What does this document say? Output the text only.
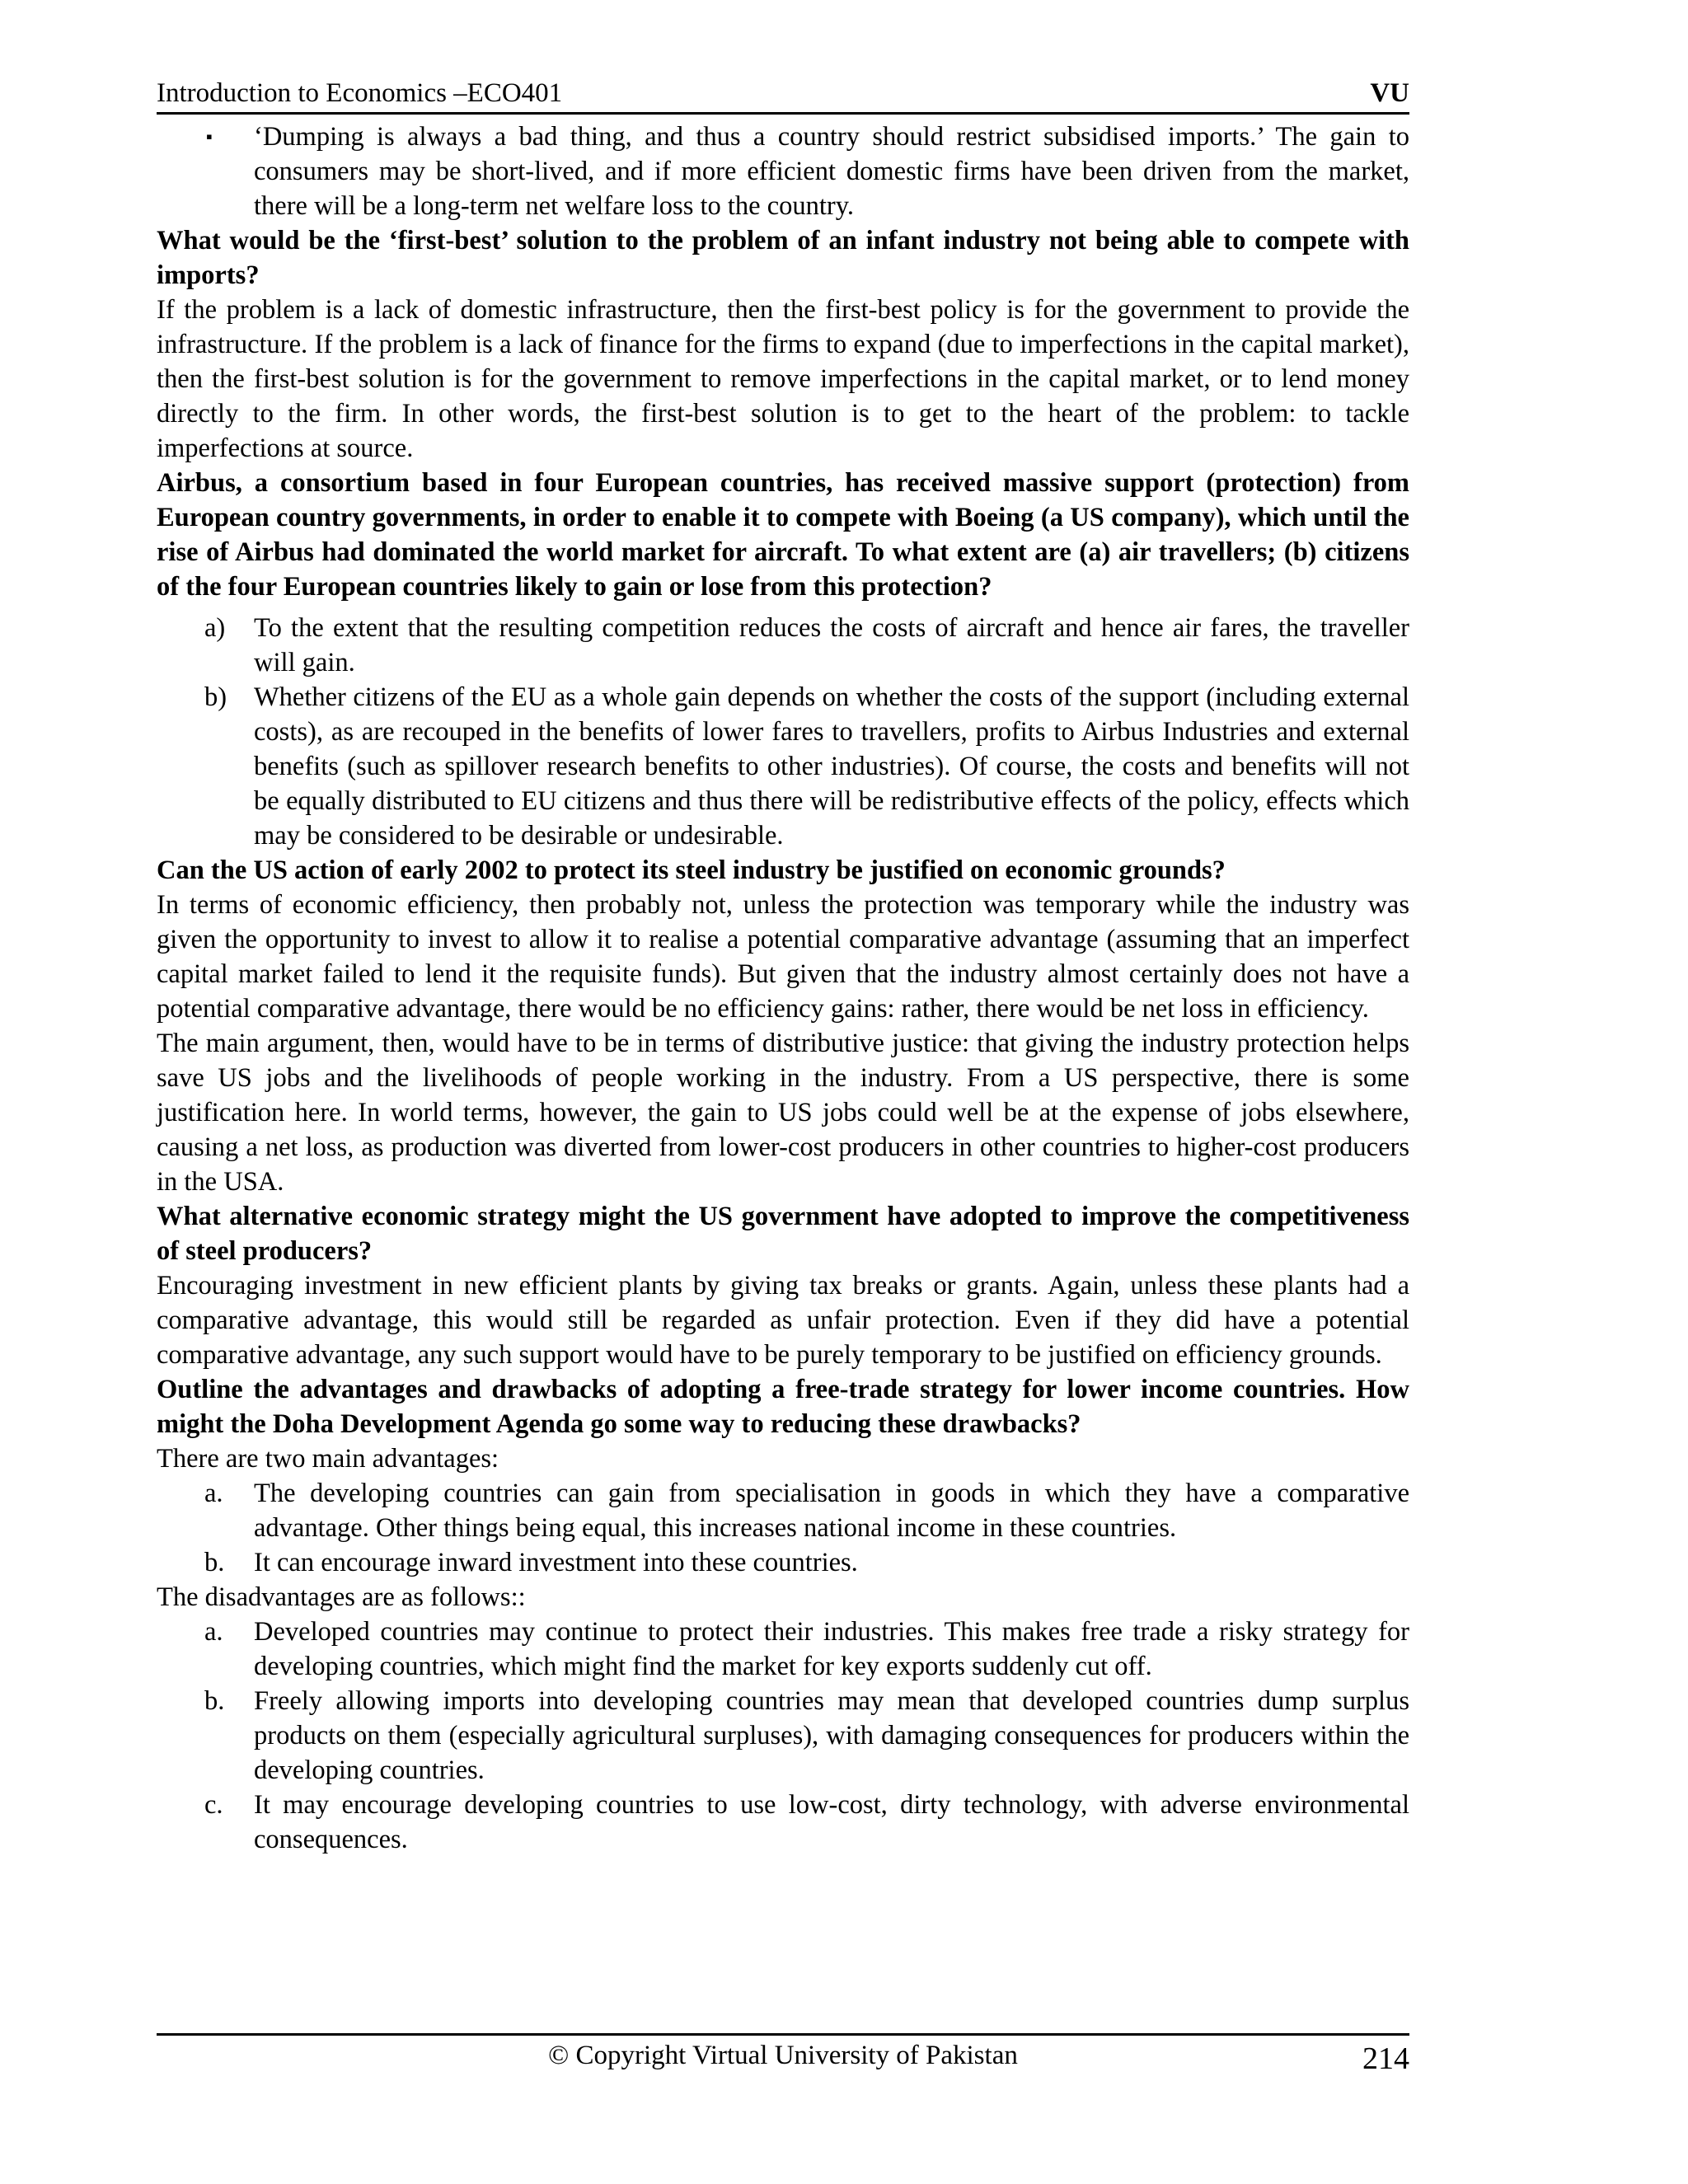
Introduction to Economics –ECO401	VU
▪ ‘Dumping is always a bad thing, and thus a country should restrict subsidised imports.’ The gain to consumers may be short-lived, and if more efficient domestic firms have been driven from the market, there will be a long-term net welfare loss to the country.

What would be the ‘first-best’ solution to the problem of an infant industry not being able to compete with imports?

If the problem is a lack of domestic infrastructure, then the first-best policy is for the government to provide the infrastructure. If the problem is a lack of finance for the firms to expand (due to imperfections in the capital market), then the first-best solution is for the government to remove imperfections in the capital market, or to lend money directly to the firm. In other words, the first-best solution is to get to the heart of the problem: to tackle imperfections at source.

Airbus, a consortium based in four European countries, has received massive support (protection) from European country governments, in order to enable it to compete with Boeing (a US company), which until the rise of Airbus had dominated the world market for aircraft. To what extent are (a) air travellers; (b) citizens of the four European countries likely to gain or lose from this protection?

a) To the extent that the resulting competition reduces the costs of aircraft and hence air fares, the traveller will gain.
b) Whether citizens of the EU as a whole gain depends on whether the costs of the support (including external costs), as are recouped in the benefits of lower fares to travellers, profits to Airbus Industries and external benefits (such as spillover research benefits to other industries). Of course, the costs and benefits will not be equally distributed to EU citizens and thus there will be redistributive effects of the policy, effects which may be considered to be desirable or undesirable.

Can the US action of early 2002 to protect its steel industry be justified on economic grounds?

In terms of economic efficiency, then probably not, unless the protection was temporary while the industry was given the opportunity to invest to allow it to realise a potential comparative advantage (assuming that an imperfect capital market failed to lend it the requisite funds). But given that the industry almost certainly does not have a potential comparative advantage, there would be no efficiency gains: rather, there would be net loss in efficiency.

The main argument, then, would have to be in terms of distributive justice: that giving the industry protection helps save US jobs and the livelihoods of people working in the industry. From a US perspective, there is some justification here. In world terms, however, the gain to US jobs could well be at the expense of jobs elsewhere, causing a net loss, as production was diverted from lower-cost producers in other countries to higher-cost producers in the USA.

What alternative economic strategy might the US government have adopted to improve the competitiveness of steel producers?

Encouraging investment in new efficient plants by giving tax breaks or grants. Again, unless these plants had a comparative advantage, this would still be regarded as unfair protection. Even if they did have a potential comparative advantage, any such support would have to be purely temporary to be justified on efficiency grounds.

Outline the advantages and drawbacks of adopting a free-trade strategy for lower income countries. How might the Doha Development Agenda go some way to reducing these drawbacks?

There are two main advantages:

a. The developing countries can gain from specialisation in goods in which they have a comparative advantage. Other things being equal, this increases national income in these countries.
b. It can encourage inward investment into these countries.

The disadvantages are as follows::

a. Developed countries may continue to protect their industries. This makes free trade a risky strategy for developing countries, which might find the market for key exports suddenly cut off.
b. Freely allowing imports into developing countries may mean that developed countries dump surplus products on them (especially agricultural surpluses), with damaging consequences for producers within the developing countries.
c. It may encourage developing countries to use low-cost, dirty technology, with adverse environmental consequences.
© Copyright Virtual University of Pakistan	214
